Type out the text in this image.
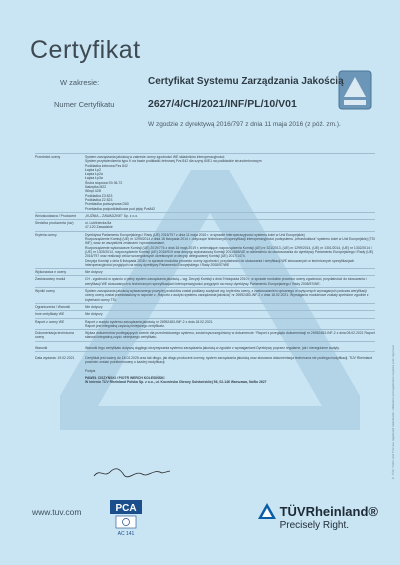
Certyfikat
W zakresie:	Certyfikat Systemu Zarządzania Jakością
Numer Certyfikatu	2627/4/CH/2021/INF/PL/10/V01
W zgodzie z dyrektywą 2016/797 z dnia 11 maja 2016 (z póź. zm.).
Przedmiot oceny	System zarządzania jakością w zakresie oceny zgodności WE składników interoperacyjności:

System przytwierdzenia typu K na bazie podkładki żebrowej Pzs 842 dla szyny 60E1 na podkładzie strunobetonowym

Podkładka żebrowa Pzs 842

Łapka Łp2

Łapka Łp2a

Łapka Łp3a

Śruba stopowa Sh 36-72

Nakrętka M22

Wkręt 42B

Podkładka Z3 823

Podkładka Z2 823

Przekładka podszynowa D60

Przekładka podpodkładkowa pod płytę Pzs842

Wnioskodawca / Producent	„KUŹNIA – ZAWADZKIE” Sp. z o.o.

Siedziba producenta (ów)	ul. Lubliniecka 8a

47-120 Zawadzkie

Kryteria oceny	Dyrektywa Parlamentu Europejskiego i Rady (UE) 2016/797 z dnia 11 maja 2016 r. w sprawie interoperacyjności systemu kolei w Unii Europejskiej

Rozporządzenie Komisji (UE) nr 1299/2014 z dnia 18 listopada 2014 r. dotyczące technicznych specyfikacji interoperacyjności podsystemu „Infrastruktura” systemu kolei w Unii Europejskiej (TSI INF), wraz ze wszystkimi zmianami i sprostowaniami.

Rozporządzenie wykonawcze Komisji (UE) 2019/776 z dnia 16 maja 2019 r. zmieniające rozporządzenia Komisji (UE) nr 321/2013, (UE) nr 1299/2014, (UE) nr 1301/2014, (UE) nr 1302/2014 i (UE) nr 1303/2014, rozporządzenie Komisji (UE) 2016/919 oraz decyzję wykonawczą Komisji 2011/665/UE w odniesieniu do dostosowania do dyrektywy Parlamentu Europejskiego i Rady (UE) 2016/797 oraz realizacji celów szczegółowych określonych w decyzji delegowanej Komisji (UE) 2017/1474.

Decyzja Komisji z dnia 8 listopada 2018 r. w sprawie modułów procedur oceny zgodności, przydatności do stosowania i weryfikacji WE stosowanych w technicznych specyfikacjach interoperacyjności przyjętych na mocy dyrektywy Parlamentu Europejskiego i Rady 2008/57/WE

Wykonawca n oceny	Nie dotyczy

Zastosowany moduł	CH - zgodność w oparciu o pełny system zarządzania jakością – wg. Decyzji Komisji z dnia 9 listopada 2010 r. w sprawie modułów procedur oceny zgodności, przydatności do stosowania i weryfikacji WE stosowanych w technicznych specyfikacjach interoperacyjności przyjętych na mocy dyrektywy Parlamentu Europejskiego i Rady 2008/57/WE.

Wyniki oceny	System zarządzania jakością wytwarzanego powyżej produktów został poddany audytowi wg. kryteriów oceny, z zastosowaniem opisanego w wytycznych wymaganych podczas weryfikacji oceny oceny został przedstawiony w raporcie z „Raportu z audytu systemu zarządzania jakością” nr 26952483-INF-2 z dnia 18.02.2021. Wymagania moduleowe zostały spełnione zgodnie z kryteriami oceny TSI.

Ograniczenia / Warunki	Nie dotyczy

Inne certyfikaty WE	Nie dotyczy

Raport z oceny WE	Raport z audytu systemu zarządzania jakością nr 26952483-INF-2 z dnia 18.02.2021.

Raport jest integralną częścią niniejszego certyfikatu.

Dokumentacja techniczna oceny

Wykaz dokumentów podlegających ocenie dla przedmiotowego systemu, został wyszczególniony w dokumencie: “Raport z przeglądu dokumentacji nr 26952483-INF-2 z dnia 08.02.2021 Raport stanowi integralną część niniejszego certyfikatu.

Warunki	Warunki tego certyfikatu dotyczą ciągłego utrzymywania systemu zarządzania jakością w zgodzie z wymaganiami Dyrektywy poprzez regularne, jak i nieregularne audyty.

Data wydania: 19.02.2021	Certyfikat jest ważny do 18.02.2025 oraz tak długo, jak długo producent ocenny, system zarządzania jakością oraz stosowna dokumentacja techniczna nie podlega modyfikacji. TÜV Rheinland powinien zostać poinformowany o każdej modyfikacji.

Podpis

PAWEŁ CISZYŃSKI / PIOTR WERCH KOLESIŃSKI

W imieniu TÜV Rheinland Polska Sp. z o.o., ul. Kocmirska Obrony Solstońskiiej 56, 02-146 Warszawa, NoBo 2627

www.tuv.com	PCA
AC 141
TÜVRheinland®
Precisely Right.
® TÜV, TUEV and TUV are registered trademarks. Utilisation and application requires prior approval.
